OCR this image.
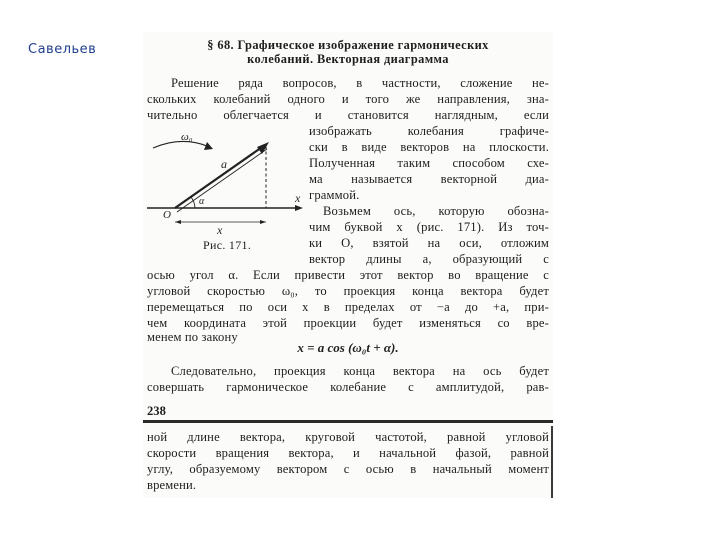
Савельев	§ 68. Графическое изображение гармонических
колебаний. Векторная диаграмма
Решение ряда вопросов, в частности, сложение не-
скольких колебаний одного и того же направления, зна-
чительно облегчается и становится наглядным, если
изображать колебания графиче-
ски в виде векторов на плоскости.
Полученная таким способом схе-
ма называется векторной диа-
граммой.
Возьмем ось, которую обозна-
чим буквой x (рис. 171). Из точ-
ки O, взятой на оси, отложим
вектор длины a, образующий с
осью угол α. Если привести этот вектор во вращение с
угловой скоростью ω₀, то проекция конца вектора будет
перемещаться по оси x в пределах от −a до +a, при-
чем координата этой проекции будет изменяться со вре-
менем по закону
x = a cos (ω₀t + α).
Следовательно, проекция конца вектора на ось будет
совершать гармоническое колебание с амплитудой, рав-
238
ной длине вектора, круговой частотой, равной угловой
скорости вращения вектора, и начальной фазой, равной
углу, образуемому вектором с осью в начальный момент
времени.
ω₀
a
α
O
x
x
Рис. 171.
